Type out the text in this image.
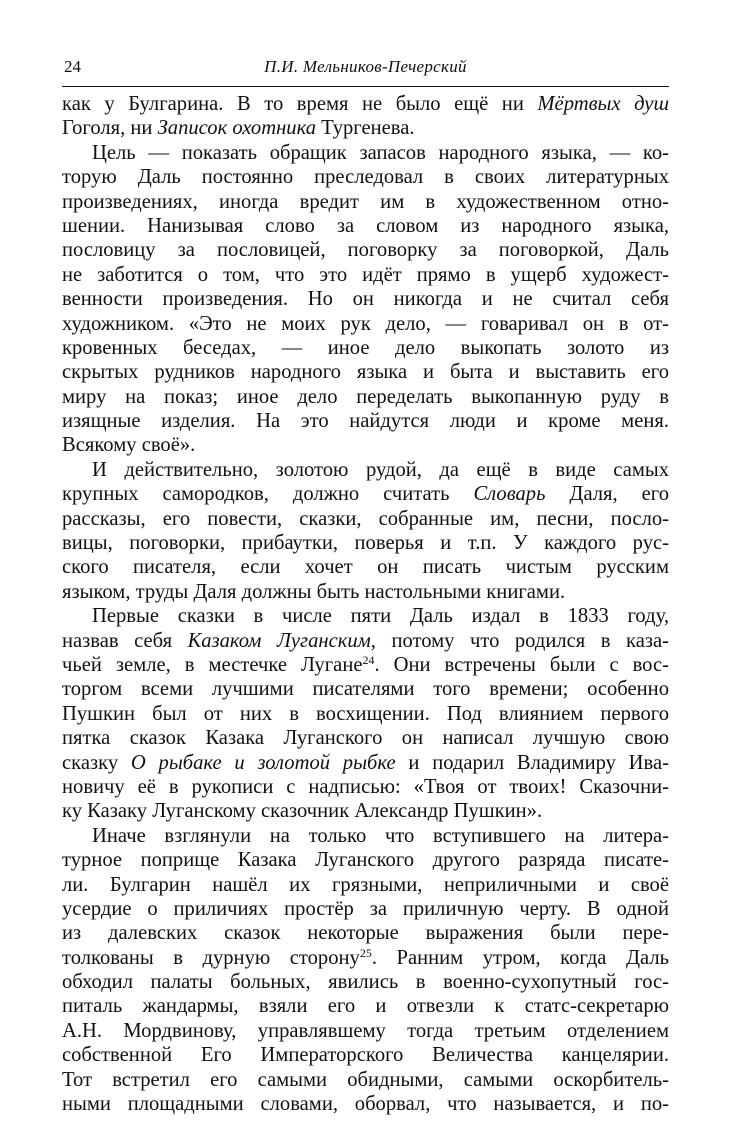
24	П.И. Мельников-Печерский
как у Булгарина. В то время не было ещё ни Мёртвых душ
Гоголя, ни Записок охотника Тургенева.
Цель — показать обращик запасов народного языка, — ко-
торую Даль постоянно преследовал в своих литературных
произведениях, иногда вредит им в художественном отно-
шении. Нанизывая слово за словом из народного языка,
пословицу за пословицей, поговорку за поговоркой, Даль
не заботится о том, что это идёт прямо в ущерб художест-
венности произведения. Но он никогда и не считал себя
художником. «Это не моих рук дело, — говаривал он в от-
кровенных беседах, — иное дело выкопать золото из
скрытых рудников народного языка и быта и выставить его
миру на показ; иное дело переделать выкопанную руду в
изящные изделия. На это найдутся люди и кроме меня.
Всякому своё».
И действительно, золотою рудой, да ещё в виде самых
крупных самородков, должно считать Словарь Даля, его
рассказы, его повести, сказки, собранные им, песни, посло-
вицы, поговорки, прибаутки, поверья и т.п. У каждого рус-
ского писателя, если хочет он писать чистым русским
языком, труды Даля должны быть настольными книгами.
Первые сказки в числе пяти Даль издал в 1833 году,
назвав себя Казаком Луганским, потому что родился в каза-
чьей земле, в местечке Лугане$^{24}$. Они встречены были с вос-
торгом всеми лучшими писателями того времени; особенно
Пушкин был от них в восхищении. Под влиянием первого
пятка сказок Казака Луганского он написал лучшую свою
сказку О рыбаке и золотой рыбке и подарил Владимиру Ива-
новичу её в рукописи с надписью: «Твоя от твоих! Сказочни-
ку Казаку Луганскому сказочник Александр Пушкин».
Иначе взглянули на только что вступившего на литера-
турное поприще Казака Луганского другого разряда писате-
ли. Булгарин нашёл их грязными, неприличными и своё
усердие о приличиях простёр за приличную черту. В одной
из далевских сказок некоторые выражения были пере-
толкованы в дурную сторону$^{25}$. Ранним утром, когда Даль
обходил палаты больных, явились в военно-сухопутный гос-
питаль жандармы, взяли его и отвезли к статс-секретарю
А.Н. Мордвинову, управлявшему тогда третьим отделением
собственной Его Императорского Величества канцелярии.
Тот встретил его самыми обидными, самыми оскорбитель-
ными площадными словами, оборвал, что называется, и по-
